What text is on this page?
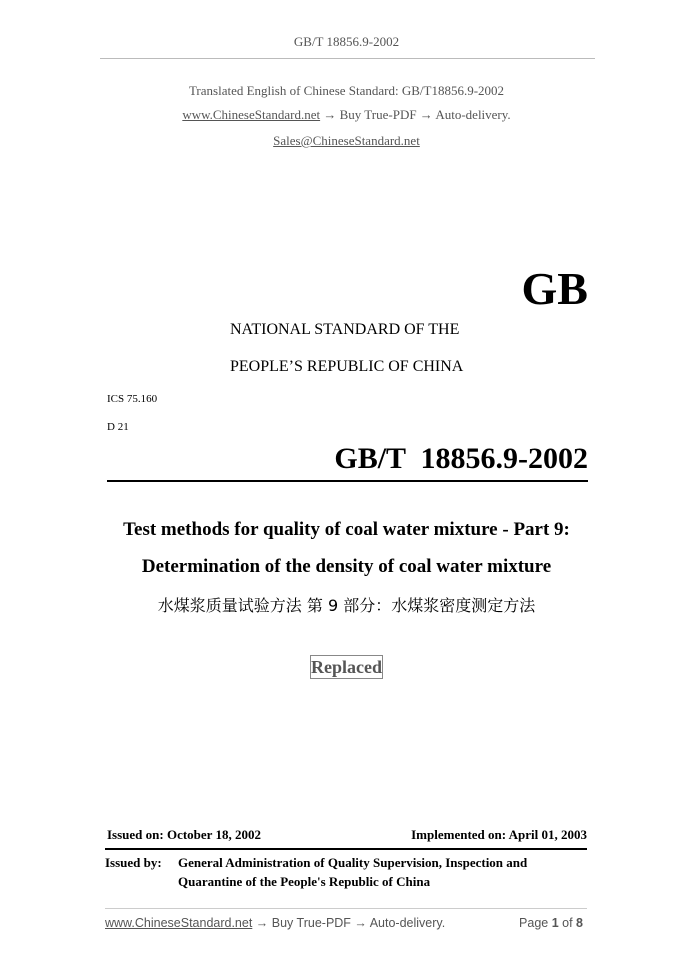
GB/T 18856.9-2002
Translated English of Chinese Standard: GB/T18856.9-2002
www.ChineseStandard.net → Buy True-PDF → Auto-delivery.
Sales@ChineseStandard.net
GB
NATIONAL STANDARD OF THE
PEOPLE’S REPUBLIC OF CHINA
ICS 75.160
D 21
GB/T  18856.9-2002
Test methods for quality of coal water mixture - Part 9:
Determination of the density of coal water mixture
水煤浆质量试验方法 第 9 部分：水煤浆密度测定方法
Replaced
Issued on: October 18, 2002	Implemented on: April 01, 2003
Issued by: General Administration of Quality Supervision, Inspection and
Quarantine of the People's Republic of China
www.ChineseStandard.net → Buy True-PDF → Auto-delivery.	Page 1 of 8
